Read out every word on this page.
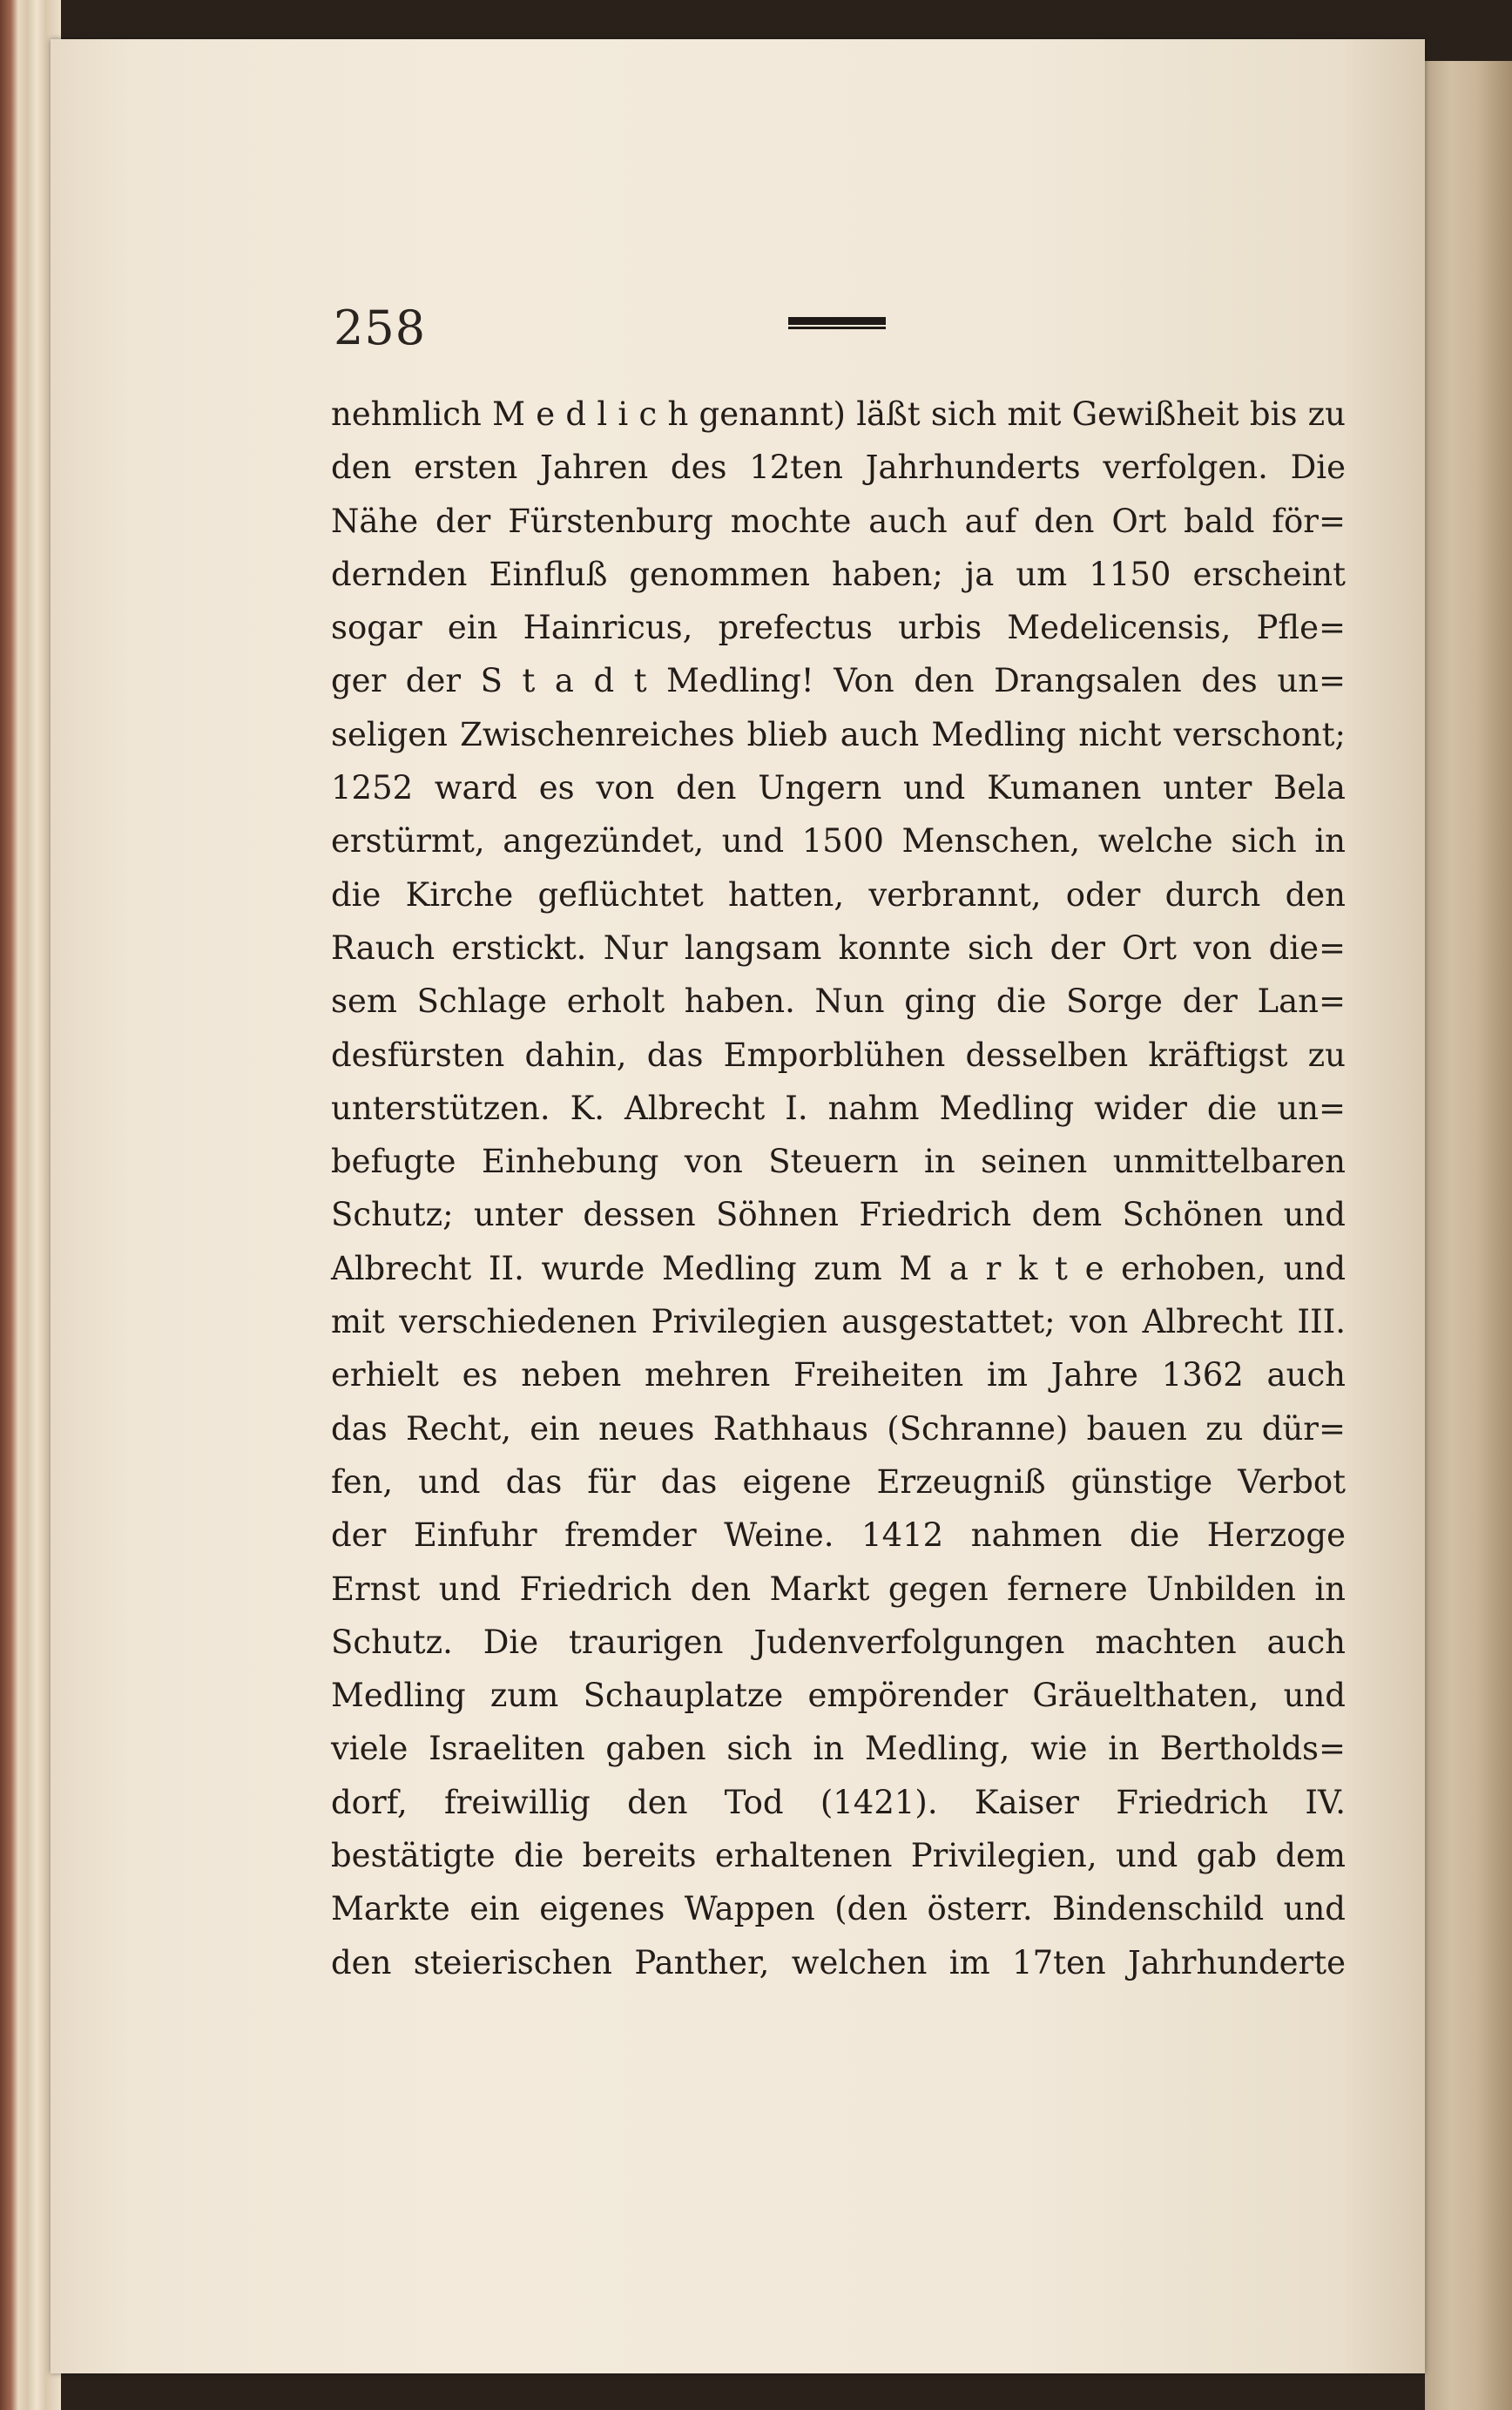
258
nehmlich M e d l i c h genannt) läßt sich mit Gewißheit bis zu
den ersten Jahren des 12ten Jahrhunderts verfolgen. Die
Nähe der Fürstenburg mochte auch auf den Ort bald för=
dernden Einfluß genommen haben; ja um 1150 erscheint
sogar ein Hainricus, prefectus urbis Medelicensis, Pfle=
ger der S t a d t Medling! Von den Drangsalen des un=
seligen Zwischenreiches blieb auch Medling nicht verschont;
1252 ward es von den Ungern und Kumanen unter Bela
erstürmt, angezündet, und 1500 Menschen, welche sich in
die Kirche geflüchtet hatten, verbrannt, oder durch den
Rauch erstickt. Nur langsam konnte sich der Ort von die=
sem Schlage erholt haben. Nun ging die Sorge der Lan=
desfürsten dahin, das Emporblühen desselben kräftigst zu
unterstützen. K. Albrecht I. nahm Medling wider die un=
befugte Einhebung von Steuern in seinen unmittelbaren
Schutz; unter dessen Söhnen Friedrich dem Schönen und
Albrecht II. wurde Medling zum M a r k t e erhoben, und
mit verschiedenen Privilegien ausgestattet; von Albrecht III.
erhielt es neben mehren Freiheiten im Jahre 1362 auch
das Recht, ein neues Rathhaus (Schranne) bauen zu dür=
fen, und das für das eigene Erzeugniß günstige Verbot
der Einfuhr fremder Weine. 1412 nahmen die Herzoge
Ernst und Friedrich den Markt gegen fernere Unbilden in
Schutz. Die traurigen Judenverfolgungen machten auch
Medling zum Schauplatze empörender Gräuelthaten, und
viele Israeliten gaben sich in Medling, wie in Bertholds=
dorf, freiwillig den Tod (1421). Kaiser Friedrich IV.
bestätigte die bereits erhaltenen Privilegien, und gab dem
Markte ein eigenes Wappen (den österr. Bindenschild und
den steierischen Panther, welchen im 17ten Jahrhunderte
